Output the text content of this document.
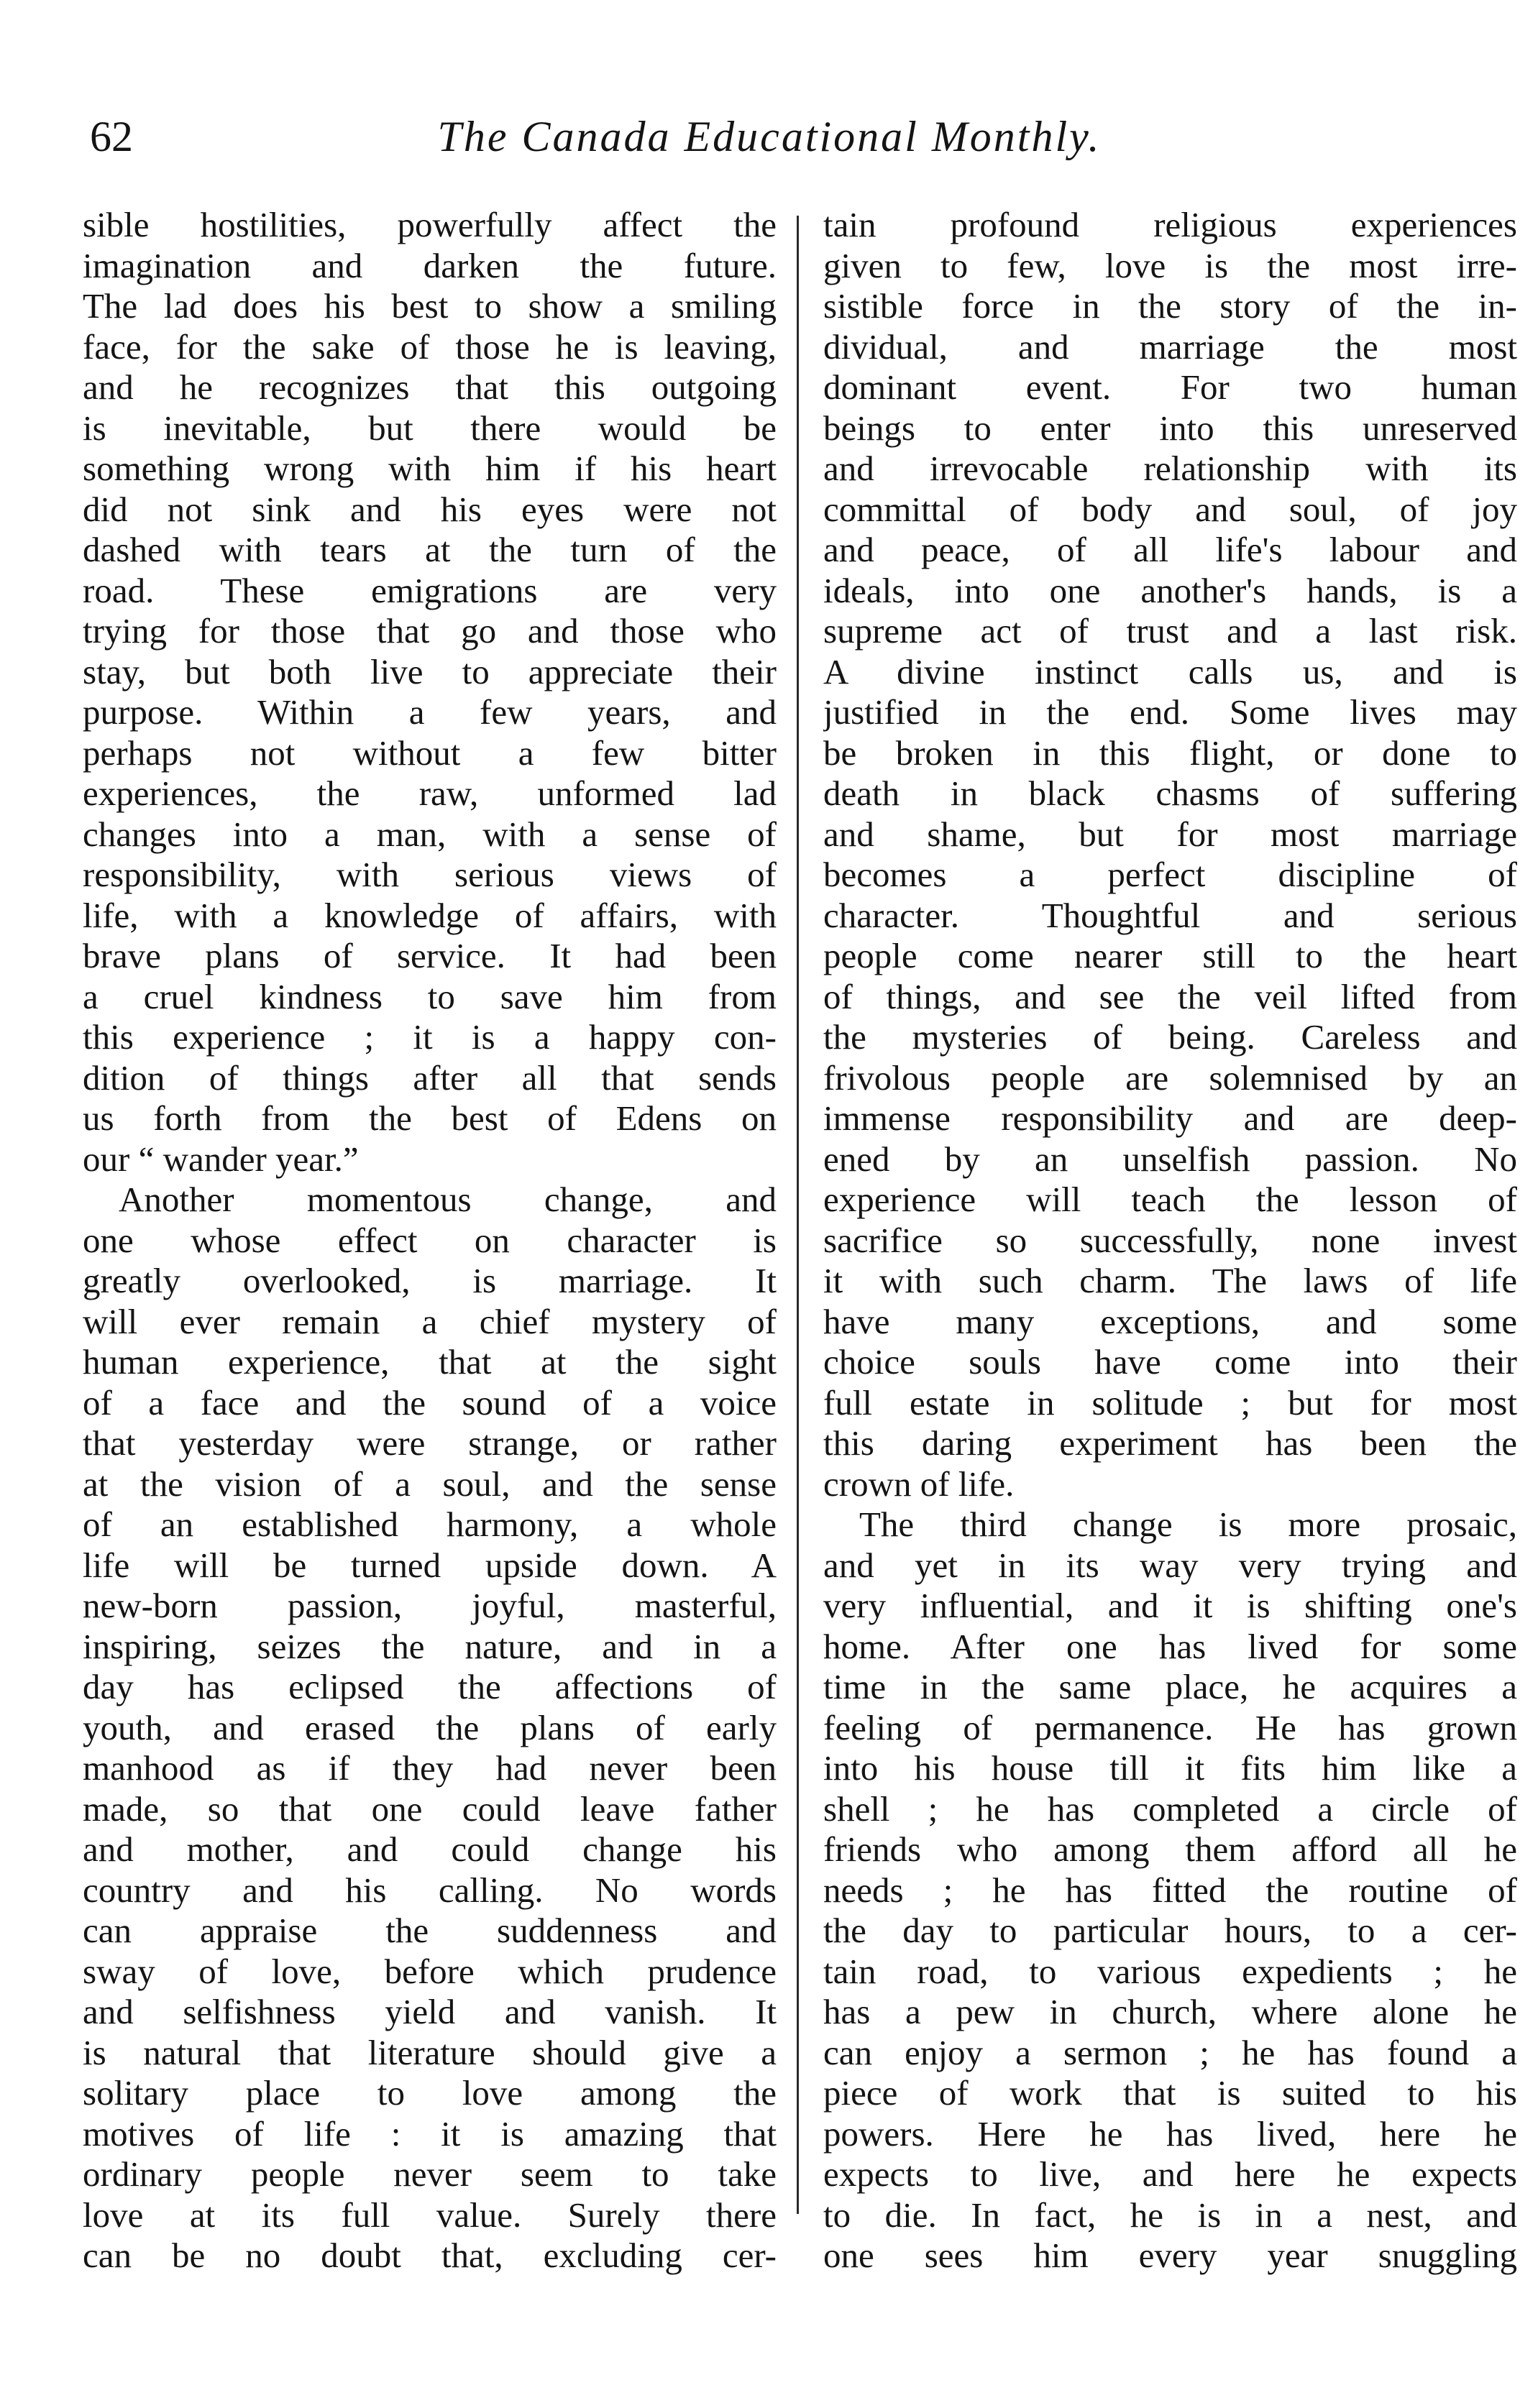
62	The Canada Educational Monthly.
sible hostilities, powerfully affect the
imagination and darken the future.
The lad does his best to show a smiling
face, for the sake of those he is leaving,
and he recognizes that this outgoing
is inevitable, but there would be
something wrong with him if his heart
did not sink and his eyes were not
dashed with tears at the turn of the
road. These emigrations are very
trying for those that go and those who
stay, but both live to appreciate their
purpose. Within a few years, and
perhaps not without a few bitter
experiences, the raw, unformed lad
changes into a man, with a sense of
responsibility, with serious views of
life, with a knowledge of affairs, with
brave plans of service. It had been
a cruel kindness to save him from
this experience ; it is a happy con-
dition of things after all that sends
us forth from the best of Edens on
our “ wander year.”
Another momentous change, and
one whose effect on character is
greatly overlooked, is marriage. It
will ever remain a chief mystery of
human experience, that at the sight
of a face and the sound of a voice
that yesterday were strange, or rather
at the vision of a soul, and the sense
of an established harmony, a whole
life will be turned upside down. A
new-born passion, joyful, masterful,
inspiring, seizes the nature, and in a
day has eclipsed the affections of
youth, and erased the plans of early
manhood as if they had never been
made, so that one could leave father
and mother, and could change his
country and his calling. No words
can appraise the suddenness and
sway of love, before which prudence
and selfishness yield and vanish. It
is natural that literature should give a
solitary place to love among the
motives of life : it is amazing that
ordinary people never seem to take
love at its full value. Surely there
can be no doubt that, excluding cer-
tain profound religious experiences
given to few, love is the most irre-
sistible force in the story of the in-
dividual, and marriage the most
dominant event. For two human
beings to enter into this unreserved
and irrevocable relationship with its
committal of body and soul, of joy
and peace, of all life's labour and
ideals, into one another's hands, is a
supreme act of trust and a last risk.
A divine instinct calls us, and is
justified in the end. Some lives may
be broken in this flight, or done to
death in black chasms of suffering
and shame, but for most marriage
becomes a perfect discipline of
character. Thoughtful and serious
people come nearer still to the heart
of things, and see the veil lifted from
the mysteries of being. Careless and
frivolous people are solemnised by an
immense responsibility and are deep-
ened by an unselfish passion. No
experience will teach the lesson of
sacrifice so successfully, none invest
it with such charm. The laws of life
have many exceptions, and some
choice souls have come into their
full estate in solitude ; but for most
this daring experiment has been the
crown of life.
The third change is more prosaic,
and yet in its way very trying and
very influential, and it is shifting one's
home. After one has lived for some
time in the same place, he acquires a
feeling of permanence. He has grown
into his house till it fits him like a
shell ; he has completed a circle of
friends who among them afford all he
needs ; he has fitted the routine of
the day to particular hours, to a cer-
tain road, to various expedients ; he
has a pew in church, where alone he
can enjoy a sermon ; he has found a
piece of work that is suited to his
powers. Here he has lived, here he
expects to live, and here he expects
to die. In fact, he is in a nest, and
one sees him every year snuggling
